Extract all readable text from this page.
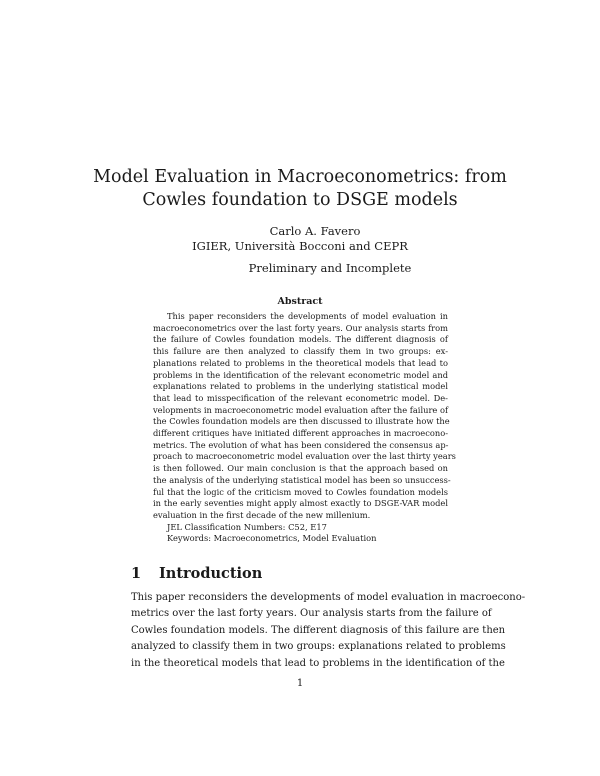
Model Evaluation in Macroeconometrics: from
Cowles foundation to DSGE models
Carlo A. Favero
IGIER, Università Bocconi and CEPR
Preliminary and Incomplete
Abstract
This paper reconsiders the developments of model evaluation in
macroeconometrics over the last forty years. Our analysis starts from
the failure of Cowles foundation models. The different diagnosis of
this failure are then analyzed to classify them in two groups: ex-
planations related to problems in the theoretical models that lead to
problems in the identification of the relevant econometric model and
explanations related to problems in the underlying statistical model
that lead to misspecification of the relevant econometric model. De-
velopments in macroeconometric model evaluation after the failure of
the Cowles foundation models are then discussed to illustrate how the
different critiques have initiated different approaches in macroecono-
metrics. The evolution of what has been considered the consensus ap-
proach to macroeconometric model evaluation over the last thirty years
is then followed. Our main conclusion is that the approach based on
the analysis of the underlying statistical model has been so unsuccess-
ful that the logic of the criticism moved to Cowles foundation models
in the early seventies might apply almost exactly to DSGE-VAR model
evaluation in the first decade of the new millenium.
JEL Classification Numbers: C52, E17
Keywords: Macroeconometrics, Model Evaluation
1 Introduction
This paper reconsiders the developments of model evaluation in macroecono-
metrics over the last forty years. Our analysis starts from the failure of
Cowles foundation models. The different diagnosis of this failure are then
analyzed to classify them in two groups: explanations related to problems
in the theoretical models that lead to problems in the identification of the
1
